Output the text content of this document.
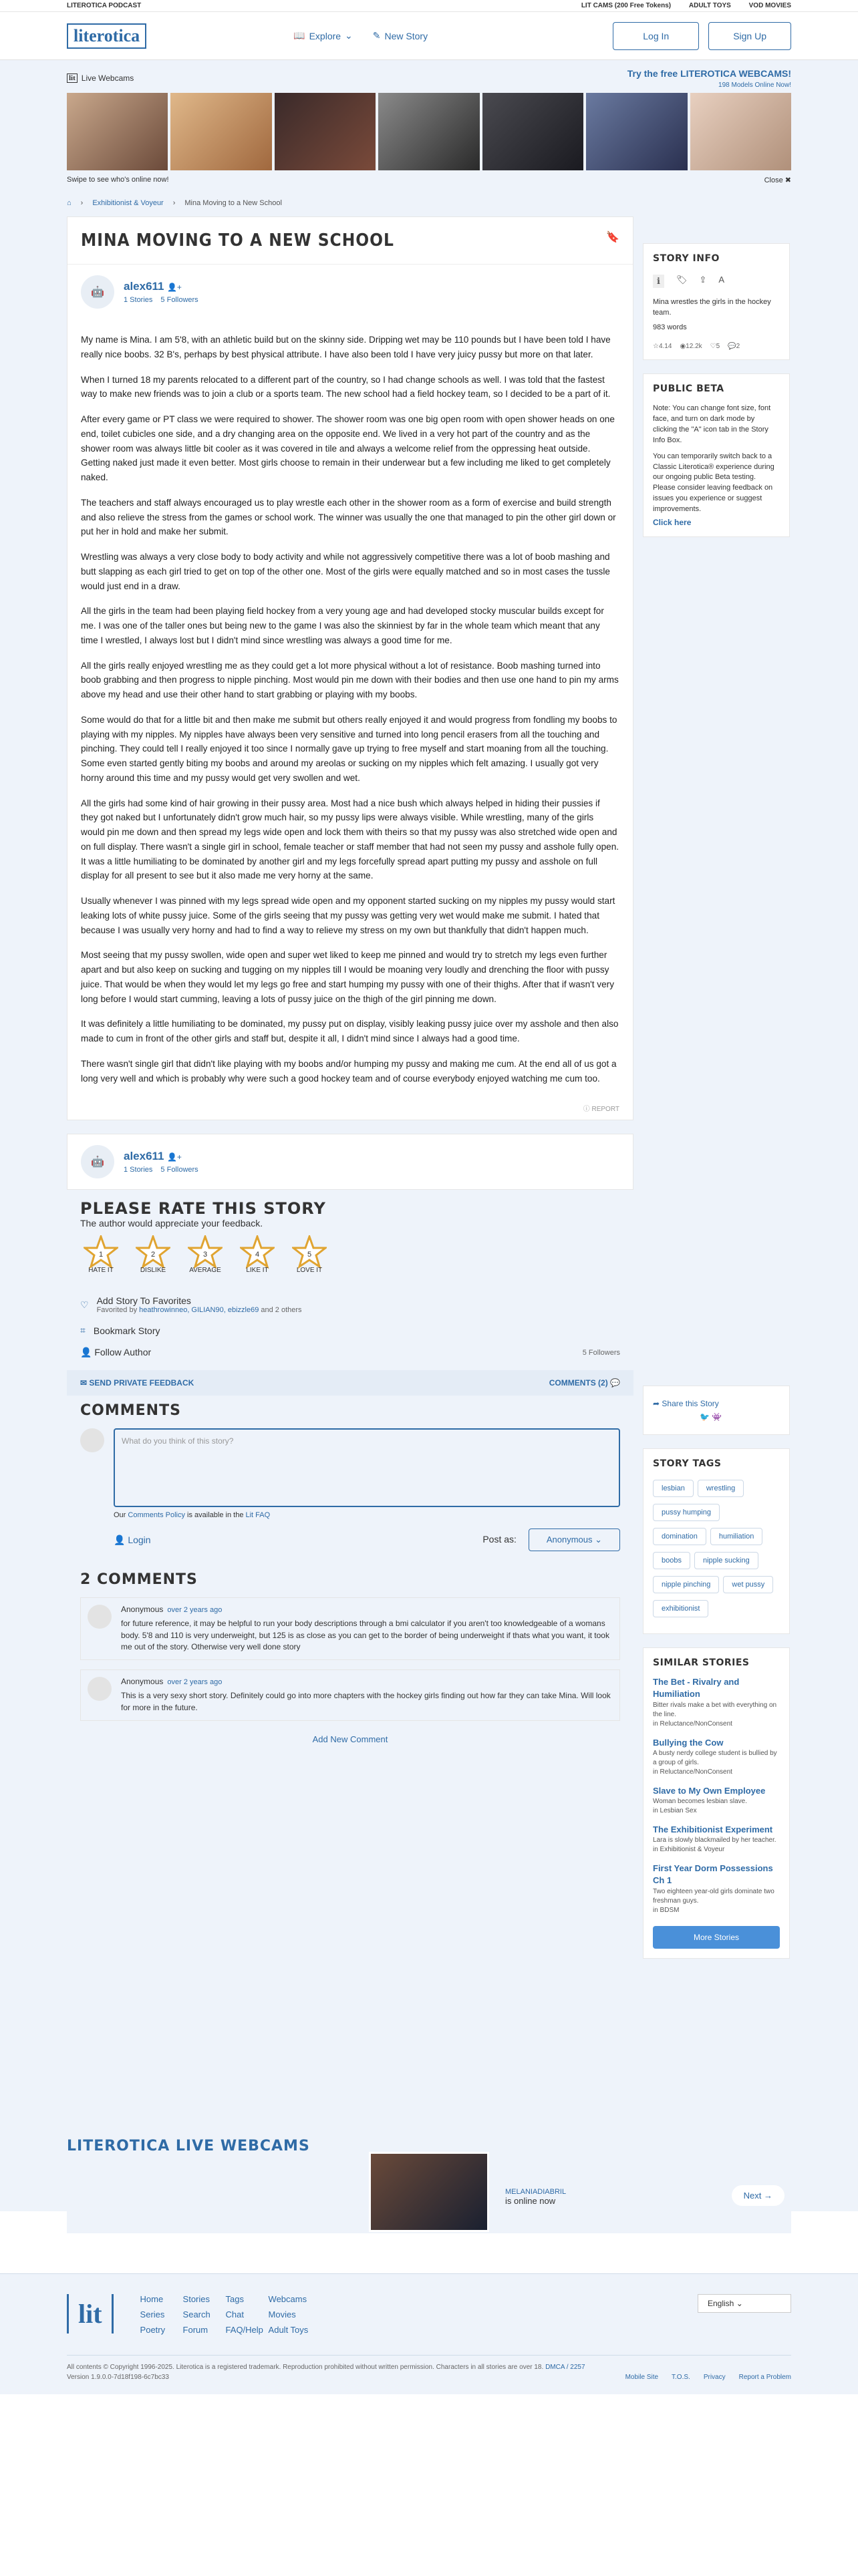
LITEROTICA PODCAST	LIT CAMS (200 Free Tokens)	ADULT TOYS	VOD MOVIES
literotica	📖 Explore ⌄ ✎ New Story	Log In	Sign Up
lit Live Webcams	Try the free LITEROTICA WEBCAMS!
198 Models Online Now!
Swipe to see who's online now!	Close ✖
⌂ › Exhibitionist & Voyeur › Mina Moving to a New School
MINA MOVING TO A NEW SCHOOL	🔖
🤖	alex611 👤+
1 Stories 5 Followers

My name is Mina. I am 5'8, with an athletic build but on the skinny side. Dripping wet may be 110 pounds but I have been told I have really nice boobs. 32 B's, perhaps by best physical attribute. I have also been told I have very juicy pussy but more on that later.

When I turned 18 my parents relocated to a different part of the country, so I had change schools as well. I was told that the fastest way to make new friends was to join a club or a sports team. The new school had a field hockey team, so I decided to be a part of it.

After every game or PT class we were required to shower. The shower room was one big open room with open shower heads on one end, toilet cubicles one side, and a dry changing area on the opposite end. We lived in a very hot part of the country and as the shower room was always little bit cooler as it was covered in tile and always a welcome relief from the oppressing heat outside. Getting naked just made it even better. Most girls choose to remain in their underwear but a few including me liked to get completely naked.

The teachers and staff always encouraged us to play wrestle each other in the shower room as a form of exercise and build strength and also relieve the stress from the games or school work. The winner was usually the one that managed to pin the other girl down or put her in hold and make her submit.

Wrestling was always a very close body to body activity and while not aggressively competitive there was a lot of boob mashing and butt slapping as each girl tried to get on top of the other one. Most of the girls were equally matched and so in most cases the tussle would just end in a draw.

All the girls in the team had been playing field hockey from a very young age and had developed stocky muscular builds except for me. I was one of the taller ones but being new to the game I was also the skinniest by far in the whole team which meant that any time I wrestled, I always lost but I didn't mind since wrestling was always a good time for me.

All the girls really enjoyed wrestling me as they could get a lot more physical without a lot of resistance. Boob mashing turned into boob grabbing and then progress to nipple pinching. Most would pin me down with their bodies and then use one hand to pin my arms above my head and use their other hand to start grabbing or playing with my boobs.

Some would do that for a little bit and then make me submit but others really enjoyed it and would progress from fondling my boobs to playing with my nipples. My nipples have always been very sensitive and turned into long pencil erasers from all the touching and pinching. They could tell I really enjoyed it too since I normally gave up trying to free myself and start moaning from all the touching. Some even started gently biting my boobs and around my areolas or sucking on my nipples which felt amazing. I usually got very horny around this time and my pussy would get very swollen and wet.

All the girls had some kind of hair growing in their pussy area. Most had a nice bush which always helped in hiding their pussies if they got naked but I unfortunately didn't grow much hair, so my pussy lips were always visible. While wrestling, many of the girls would pin me down and then spread my legs wide open and lock them with theirs so that my pussy was also stretched wide open and on full display. There wasn't a single girl in school, female teacher or staff member that had not seen my pussy and asshole fully open. It was a little humiliating to be dominated by another girl and my legs forcefully spread apart putting my pussy and asshole on full display for all present to see but it also made me very horny at the same.

Usually whenever I was pinned with my legs spread wide open and my opponent started sucking on my nipples my pussy would start leaking lots of white pussy juice. Some of the girls seeing that my pussy was getting very wet would make me submit. I hated that because I was usually very horny and had to find a way to relieve my stress on my own but thankfully that didn't happen much.

Most seeing that my pussy swollen, wide open and super wet liked to keep me pinned and would try to stretch my legs even further apart and but also keep on sucking and tugging on my nipples till I would be moaning very loudly and drenching the floor with pussy juice. That would be when they would let my legs go free and start humping my pussy with one of their thighs. After that if wasn't very long before I would start cumming, leaving a lots of pussy juice on the thigh of the girl pinning me down.

It was definitely a little humiliating to be dominated, my pussy put on display, visibly leaking pussy juice over my asshole and then also made to cum in front of the other girls and staff but, despite it all, I didn't mind since I always had a good time.

There wasn't single girl that didn't like playing with my boobs and/or humping my pussy and making me cum. At the end all of us got a long very well and which is probably why were such a good hockey team and of course everybody enjoyed watching me cum too.

ⓘ REPORT
🤖	alex611 👤+
1 Stories 5 Followers
PLEASE RATE THIS STORY
The author would appreciate your feedback.
1
HATE IT
2
DISLIKE
3
AVERAGE
4
LIKE IT
5
LOVE IT
♡ Add Story To Favorites
Favorited by heathrowinneo, GILIAN90, ebizzle69 and 2 others
⌗ Bookmark Story
👤 Follow Author	5 Followers
✉ SEND PRIVATE FEEDBACK	COMMENTS (2) 💬
COMMENTS
What do you think of this story?
Our Comments Policy is available in the Lit FAQ
👤 Login	Post as:	Anonymous ⌄
2 COMMENTS
Anonymous over 2 years ago
for future reference, it may be helpful to run your body descriptions through a bmi calculator if you aren't too knowledgeable of a womans body. 5'8 and 110 is very underweight, but 125 is as close as you can get to the border of being underweight if thats what you want, it took me out of the story. Otherwise very well done story
Anonymous over 2 years ago
This is a very sexy short story. Definitely could go into more chapters with the hockey girls finding out how far they can take Mina. Will look for more in the future.
Add New Comment
STORY INFO
ℹ	🏷 ⇪ A
Mina wrestles the girls in the hockey team.
983 words
☆4.14 ◉12.2k ♡5 💬2
PUBLIC BETA
Note: You can change font size, font face, and turn on dark mode by clicking the "A" icon tab in the Story Info Box.
You can temporarily switch back to a Classic Literotica® experience during our ongoing public Beta testing. Please consider leaving feedback on issues you experience or suggest improvements.
Click here
➦ Share this Story
🐦 👾
STORY TAGS
lesbian	wrestlingpussy humpingdomination	humiliationboobs	nipple suckingnipple pinching	wet pussyexhibitionist
SIMILAR STORIES
The Bet - Rivalry and Humiliation
Bitter rivals make a bet with everything on the line.
in Reluctance/NonConsent
Bullying the Cow
A busty nerdy college student is bullied by a group of girls.
in Reluctance/NonConsent
Slave to My Own Employee
Woman becomes lesbian slave.
in Lesbian Sex
The Exhibitionist Experiment
Lara is slowly blackmailed by her teacher.
in Exhibitionist & Voyeur
First Year Dorm Possessions Ch 1
Two eighteen year-old girls dominate two freshman guys.
in BDSM
More Stories
LITEROTICA LIVE WEBCAMS
MELANIADIABRIL
is online now
Next →
lit	Home	Stories	Tags	Webcams
Series	Search	Chat	Movies
Poetry	Forum	FAQ/Help Adult Toys
English ⌄
All contents © Copyright 1996-2025. Literotica is a registered trademark. Reproduction prohibited without written permission. Characters in all stories are over 18. DMCA / 2257
Version 1.9.0.0-7d18f198-6c7bc33	Mobile Site T.O.S. Privacy Report a Problem
